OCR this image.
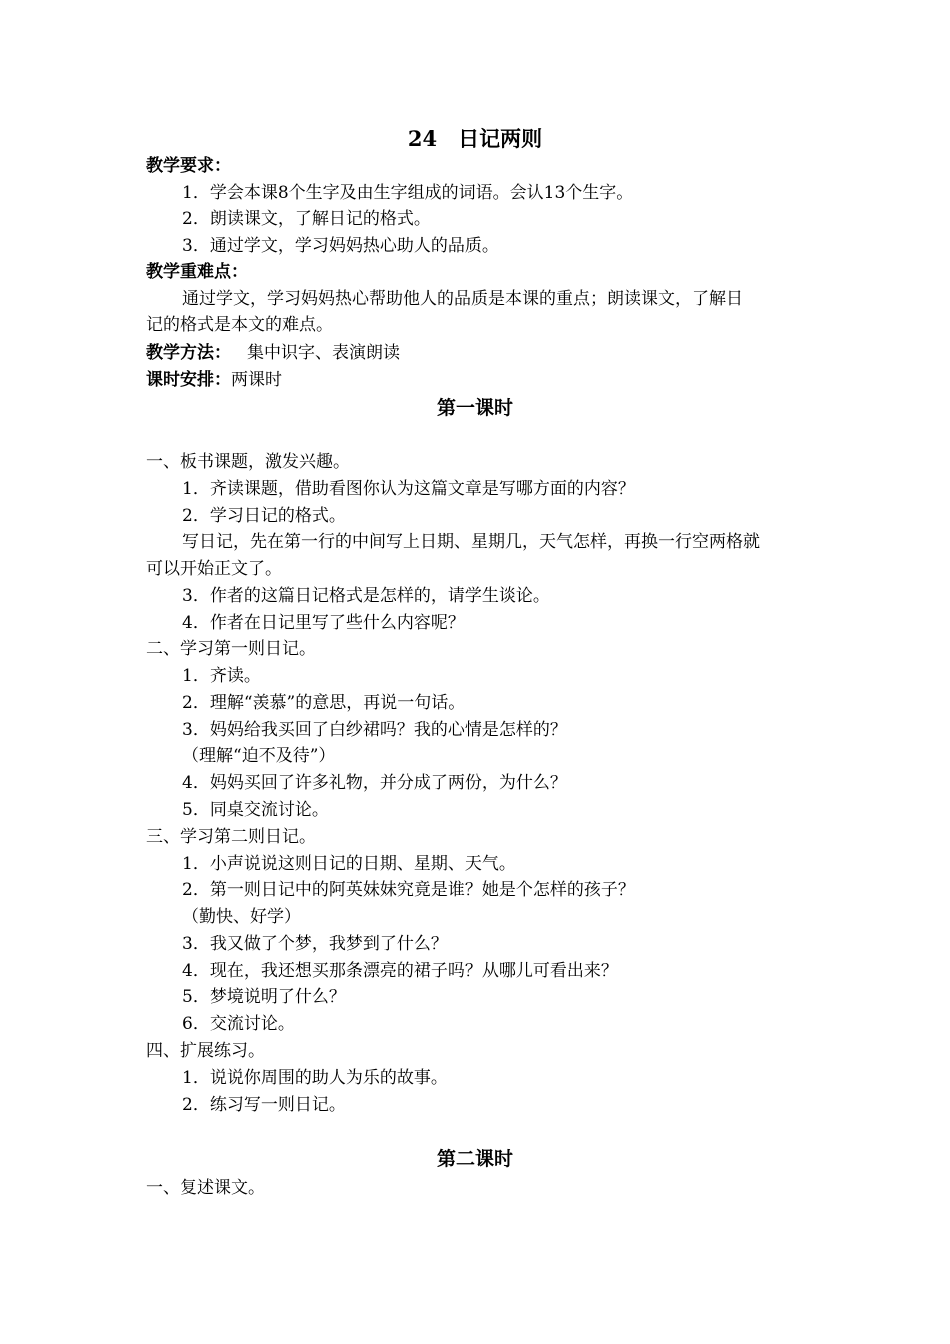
24　日记两则
教学要求：
1．学会本课8个生字及由生字组成的词语。会认13个生字。
2．朗读课文，了解日记的格式。
3．通过学文，学习妈妈热心助人的品质。
教学重难点：
通过学文，学习妈妈热心帮助他人的品质是本课的重点；朗读课文，了解日
记的格式是本文的难点。
教学方法： 集中识字、表演朗读
课时安排：两课时
第一课时
一、板书课题，激发兴趣。
1．齐读课题，借助看图你认为这篇文章是写哪方面的内容？
2．学习日记的格式。
写日记，先在第一行的中间写上日期、星期几，天气怎样，再换一行空两格就
可以开始正文了。
3．作者的这篇日记格式是怎样的，请学生谈论。
4．作者在日记里写了些什么内容呢？
二、学习第一则日记。
1．齐读。
2．理解“羡慕”的意思，再说一句话。
3．妈妈给我买回了白纱裙吗？我的心情是怎样的？
（理解“迫不及待”）
4．妈妈买回了许多礼物，并分成了两份，为什么？
5．同桌交流讨论。
三、学习第二则日记。
1．小声说说这则日记的日期、星期、天气。
2．第一则日记中的阿英妹妹究竟是谁？她是个怎样的孩子？
（勤快、好学）
3．我又做了个梦，我梦到了什么？
4．现在，我还想买那条漂亮的裙子吗？从哪儿可看出来？
5．梦境说明了什么？
6．交流讨论。
四、扩展练习。
1．说说你周围的助人为乐的故事。
2．练习写一则日记。
第二课时
一、复述课文。
